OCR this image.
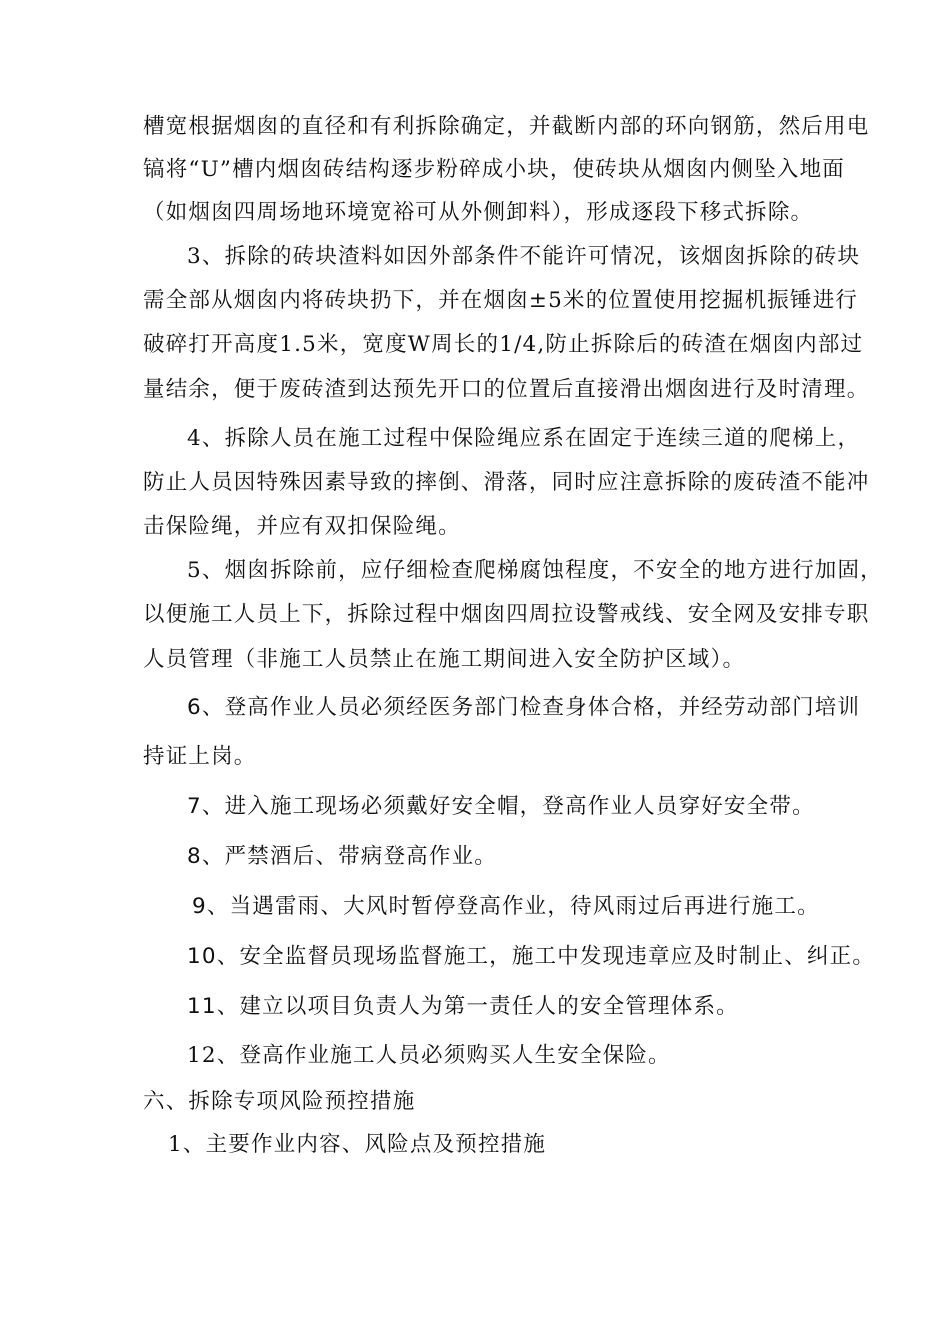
槽宽根据烟囱的直径和有利拆除确定，并截断内部的环向钢筋，然后用电
镐将“U”槽内烟囱砖结构逐步粉碎成小块，使砖块从烟囱内侧坠入地面
（如烟囱四周场地环境宽裕可从外侧卸料），形成逐段下移式拆除。
3、拆除的砖块渣料如因外部条件不能许可情况，该烟囱拆除的砖块
需全部从烟囱内将砖块扔下，并在烟囱±5米的位置使用挖掘机振锤进行
破碎打开高度1.5米，宽度W周长的1/4,防止拆除后的砖渣在烟囱内部过
量结余，便于废砖渣到达预先开口的位置后直接滑出烟囱进行及时清理。
4、拆除人员在施工过程中保险绳应系在固定于连续三道的爬梯上，
防止人员因特殊因素导致的摔倒、滑落，同时应注意拆除的废砖渣不能冲
击保险绳，并应有双扣保险绳。
5、烟囱拆除前，应仔细检查爬梯腐蚀程度，不安全的地方进行加固，
以便施工人员上下，拆除过程中烟囱四周拉设警戒线、安全网及安排专职
人员管理（非施工人员禁止在施工期间进入安全防护区域）。
6、登高作业人员必须经医务部门检查身体合格，并经劳动部门培训
持证上岗。
7、进入施工现场必须戴好安全帽，登高作业人员穿好安全带。
8、严禁酒后、带病登高作业。
9、当遇雷雨、大风时暂停登高作业，待风雨过后再进行施工。
10、安全监督员现场监督施工，施工中发现违章应及时制止、纠正。
11、建立以项目负责人为第一责任人的安全管理体系。
12、登高作业施工人员必须购买人生安全保险。
六、拆除专项风险预控措施
1、主要作业内容、风险点及预控措施
